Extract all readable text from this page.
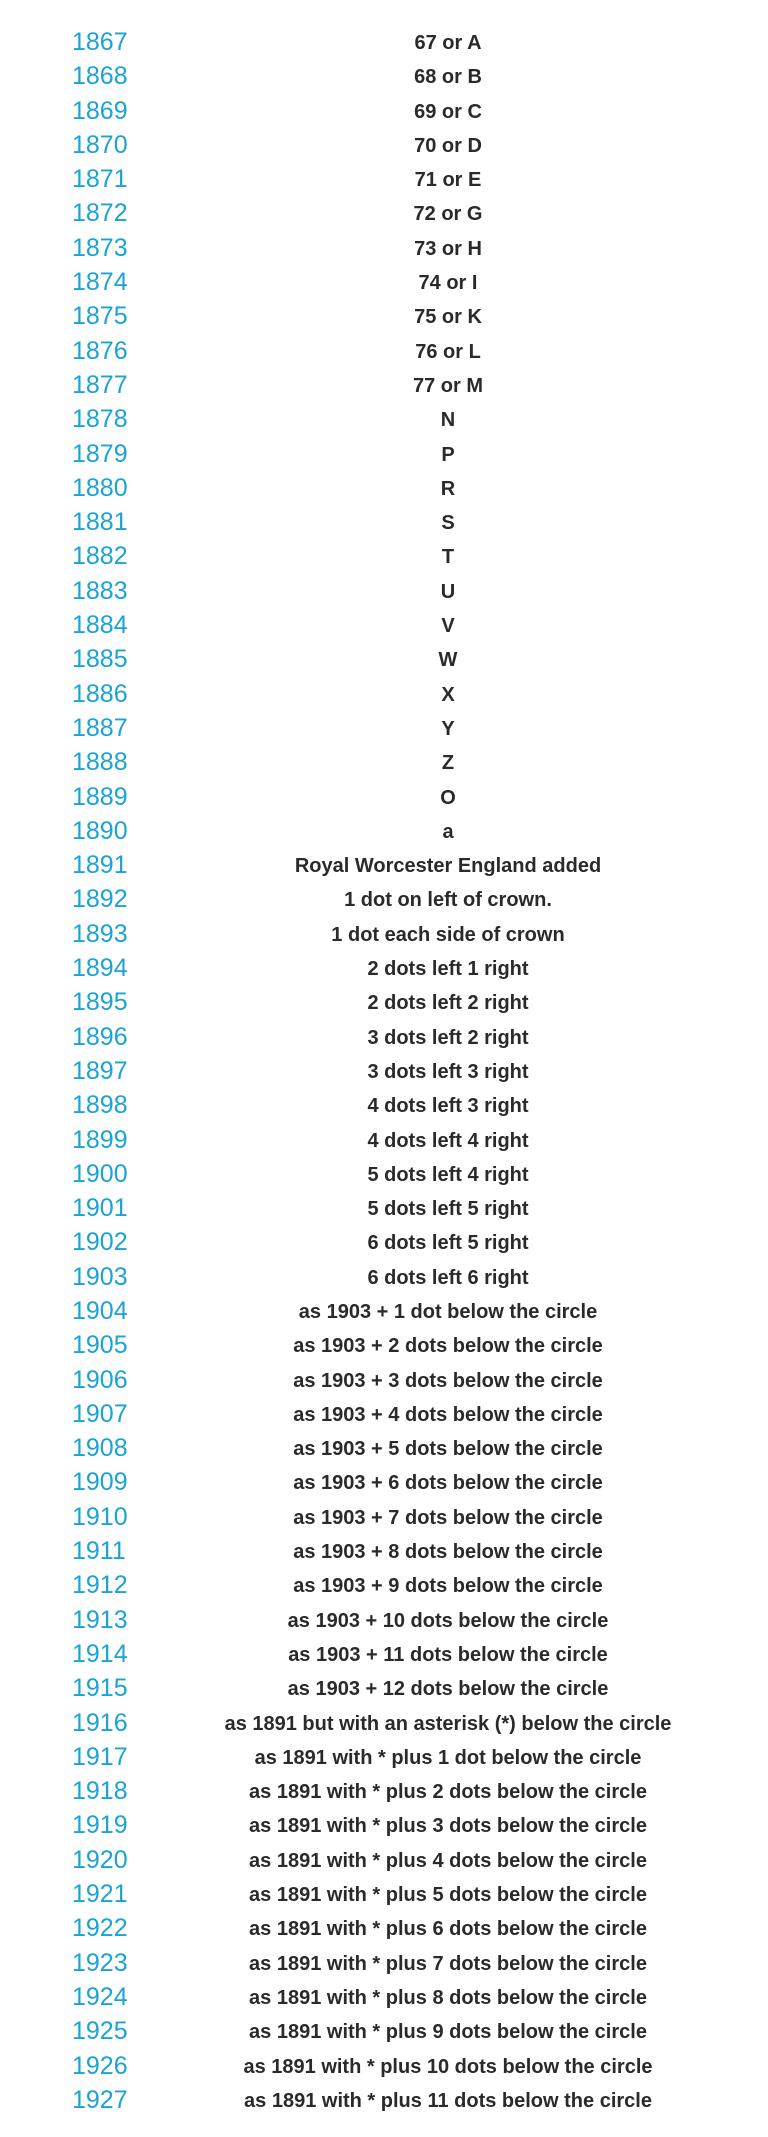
1867	67 or A
1868	68 or B
1869	69 or C
1870	70 or D
1871	71 or E
1872	72 or G
1873	73 or H
1874	74 or I
1875	75 or K
1876	76 or L
1877	77 or M
1878	N
1879	P
1880	R
1881	S
1882	T
1883	U
1884	V
1885	W
1886	X
1887	Y
1888	Z
1889	O
1890	a
1891	Royal Worcester England added
1892	1 dot on left of crown.
1893	1 dot each side of crown
1894	2 dots left 1 right
1895	2 dots left 2 right
1896	3 dots left 2 right
1897	3 dots left 3 right
1898	4 dots left 3 right
1899	4 dots left 4 right
1900	5 dots left 4 right
1901	5 dots left 5 right
1902	6 dots left 5 right
1903	6 dots left 6 right
1904	as 1903 + 1 dot below the circle
1905	as 1903 + 2 dots below the circle
1906	as 1903 + 3 dots below the circle
1907	as 1903 + 4 dots below the circle
1908	as 1903 + 5 dots below the circle
1909	as 1903 + 6 dots below the circle
1910	as 1903 + 7 dots below the circle
1911	as 1903 + 8 dots below the circle
1912	as 1903 + 9 dots below the circle
1913	as 1903 + 10 dots below the circle
1914	as 1903 + 11 dots below the circle
1915	as 1903 + 12 dots below the circle
1916	as 1891 but with an asterisk (*) below the circle
1917	as 1891 with * plus 1 dot below the circle
1918	as 1891 with * plus 2 dots below the circle
1919	as 1891 with * plus 3 dots below the circle
1920	as 1891 with * plus 4 dots below the circle
1921	as 1891 with * plus 5 dots below the circle
1922	as 1891 with * plus 6 dots below the circle
1923	as 1891 with * plus 7 dots below the circle
1924	as 1891 with * plus 8 dots below the circle
1925	as 1891 with * plus 9 dots below the circle
1926	as 1891 with * plus 10 dots below the circle
1927	as 1891 with * plus 11 dots below the circle
